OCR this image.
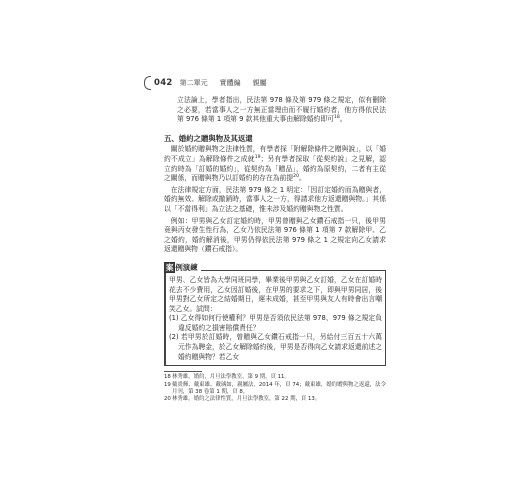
042 第二單元 實體編 親屬
立法論上，學者指出，民法第 978 條及第 979 條之規定，似有刪除之必要，若當事人之一方無正當理由而不履行婚約者，他方得依民法第 976 條第 1 項第 9 款其他重大事由解除婚約即可$^{18}$。
五、婚約之贈與物及其返還
關於婚約贈與物之法律性質，有學者採「附解除條件之贈與說」，以「婚約不成立」為解除條件之成就$^{19}$；另有學者採取「從契約說」之見解，認立約時為「訂婚的婚約」，從契約為「贈品」，婚約為原契約，二者有主從之關係，而贈與物乃以訂婚約的存在為前提$^{20}$。
在法律規定方面，民法第 979 條之 1 明定：「因訂定婚約而為贈與者，婚約無效、解除或撤銷時，當事人之一方，得請求他方返還贈與物。」其係以「不當得利」為立法之基礎，惟未涉及婚約贈與物之性質。
例如：甲男與乙女訂定婚約時，甲男曾贈與乙女鑽石戒指一只，後甲男竟與丙女發生性行為，乙女乃依民法第 976 條第 1 項第 7 款解除甲、乙之婚約，婚約解消後，甲男仍得依民法第 979 條之 1 之規定向乙女請求返還贈與物（鑽石戒指）。
案例演練
甲男、乙女皆為大學同班同學，畢業後甲男與乙女訂婚，乙女在訂婚時花去不少費用，乙女因訂婚後，在甲男的要求之下，即與甲男同居，後甲男對乙女所定之結婚期日，遲未成婚，甚至甲男與友人有時會出言嘲笑乙女。試問：
(1) 乙女得如何行使權利？甲男是否須依民法第 978、979 條之規定負違反婚約之損害賠償責任？
(2) 若甲男於訂婚時，曾贈與乙女鑽石戒指一只，另給付三百五十六萬元作為聘金，於乙女解除婚約後，甲男是否得向乙女請求返還前述之婚約贈與物？若乙女
18林秀雄，婚約，月旦法學教室，第 9 期，頁 11。
19戴炎輝、戴東雄、戴瑀如，親屬法，2014 年，頁 74；戴東雄，婚約贈與物之返還，法令月刊，第 38 卷第 1 期，頁 8。
20林秀雄，婚約之法律性質，月旦法學教室，第 22 期，頁 13。
